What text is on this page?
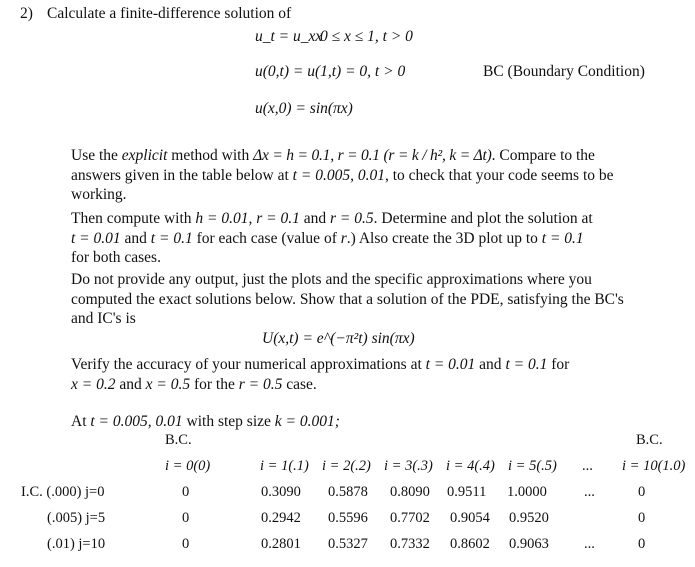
2) Calculate a finite-difference solution of
u_t = u_xx
0 ≤ x ≤ 1, t > 0
u(0,t) = u(1,t) = 0, t > 0	BC (Boundary Condition)
u(x,0) = sin(πx)
Use the explicit method with Δx = h = 0.1, r = 0.1 (r = k / h², k = Δt). Compare to the
answers given in the table below at t = 0.005, 0.01, to check that your code seems to be
working.
Then compute with h = 0.01, r = 0.1 and r = 0.5. Determine and plot the solution at
t = 0.01 and t = 0.1 for each case (value of r.) Also create the 3D plot up to t = 0.1
for both cases.
Do not provide any output, just the plots and the specific approximations where you
computed the exact solutions below. Show that a solution of the PDE, satisfying the BC's
and IC's is
U(x,t) = e^(−π²t) sin(πx)
Verify the accuracy of your numerical approximations at t = 0.01 and t = 0.1 for
x = 0.2 and x = 0.5 for the r = 0.5 case.
At t = 0.005, 0.01 with step size k = 0.001;
B.C.	B.C.
i = 0(0)	i = 1(.1) i = 2(.2) i = 3(.3) i = 4(.4) i = 5(.5) ... i = 10(1.0)
I.C. (.000) j=0	0	0.3090 0.5878 0.8090 0.9511 1.0000	...	0
(.005) j=5	0	0.2942 0.5596 0.7702 0.9054 0.9520	0
(.01) j=10	0	0.2801 0.5327 0.7332 0.8602 0.9063 ...	0
